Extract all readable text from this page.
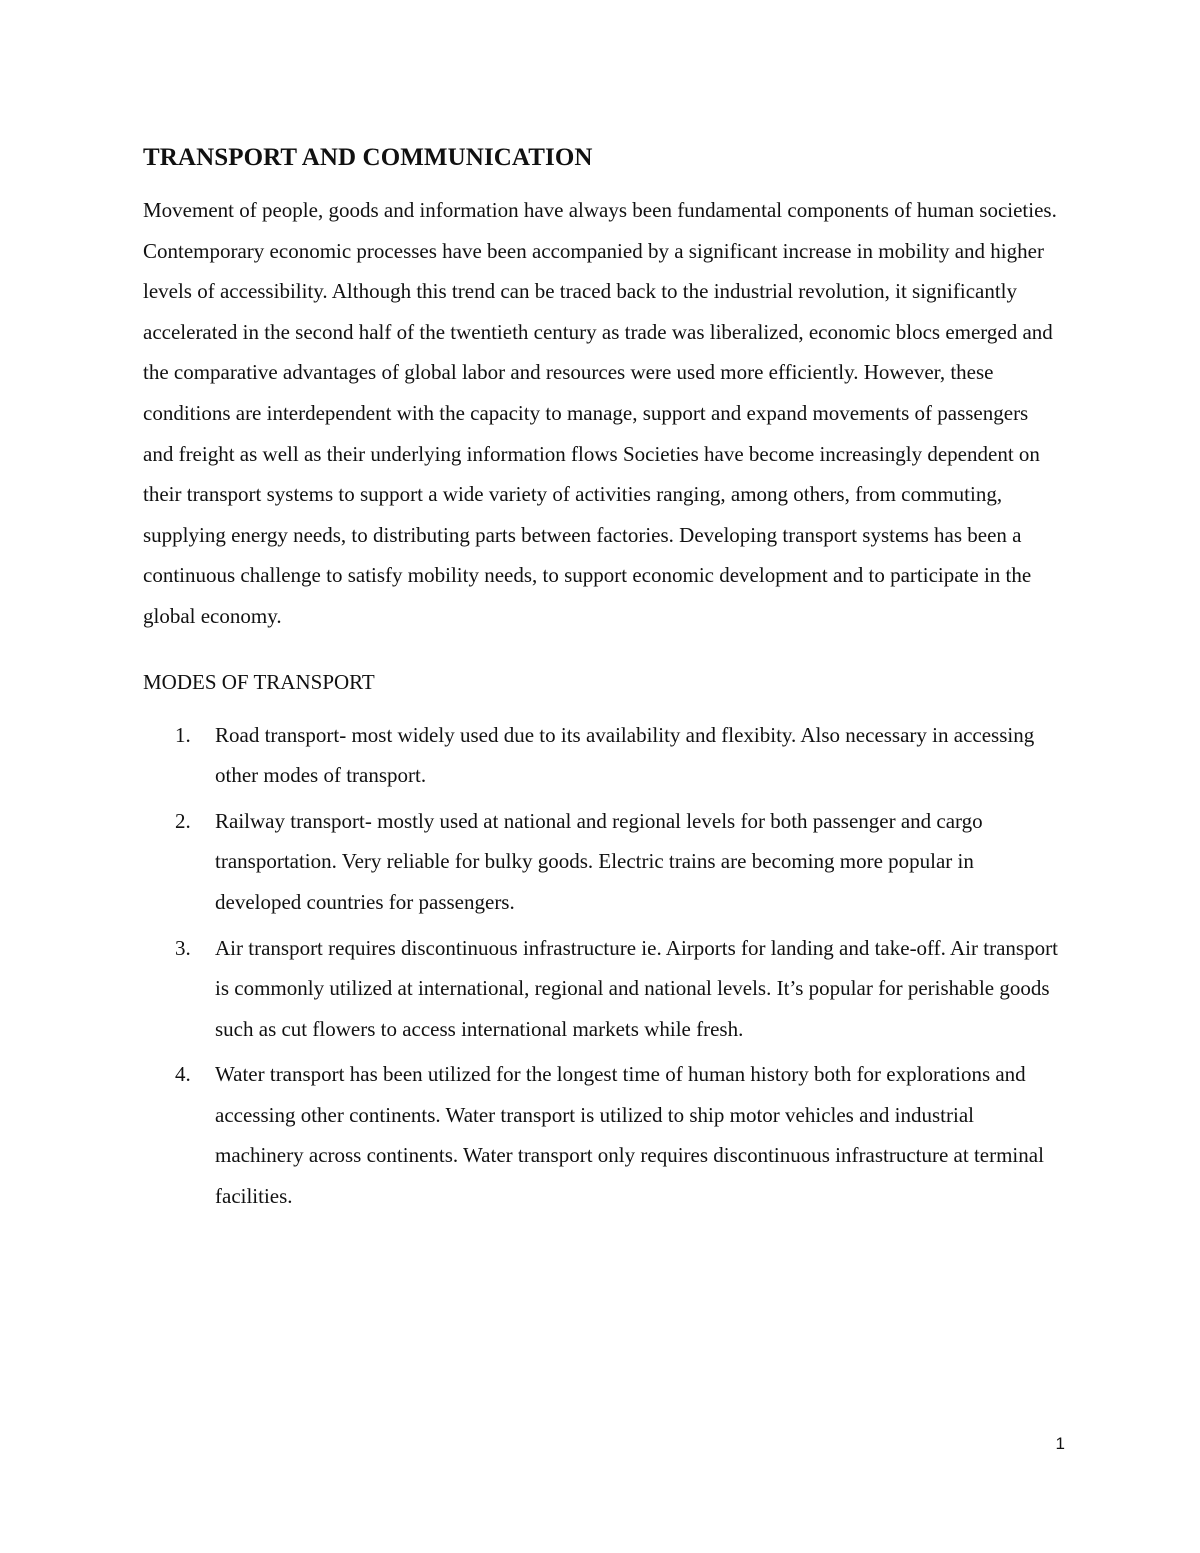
TRANSPORT AND COMMUNICATION

Movement of people, goods and information have always been fundamental components of human societies. Contemporary economic processes have been accompanied by a significant increase in mobility and higher levels of accessibility. Although this trend can be traced back to the industrial revolution, it significantly accelerated in the second half of the twentieth century as trade was liberalized, economic blocs emerged and the comparative advantages of global labor and resources were used more efficiently. However, these conditions are interdependent with the capacity to manage, support and expand movements of passengers and freight as well as their underlying information flows Societies have become increasingly dependent on their transport systems to support a wide variety of activities ranging, among others, from commuting, supplying energy needs, to distributing parts between factories. Developing transport systems has been a continuous challenge to satisfy mobility needs, to support economic development and to participate in the global economy.

MODES OF TRANSPORT
1.	Road transport- most widely used due to its availability and flexibity. Also necessary in accessing other modes of transport.
2.	Railway transport- mostly used at national and regional levels for both passenger and cargo transportation. Very reliable for bulky goods. Electric trains are becoming more popular in developed countries for passengers.
3.	Air transport requires discontinuous infrastructure ie. Airports for landing and take-off. Air transport is commonly utilized at international, regional and national levels. It’s popular for perishable goods such as cut flowers to access international markets while fresh.
4.	Water transport has been utilized for the longest time of human history both for explorations and accessing other continents. Water transport is utilized to ship motor vehicles and industrial machinery across continents. Water transport only requires discontinuous infrastructure at terminal facilities.
1
